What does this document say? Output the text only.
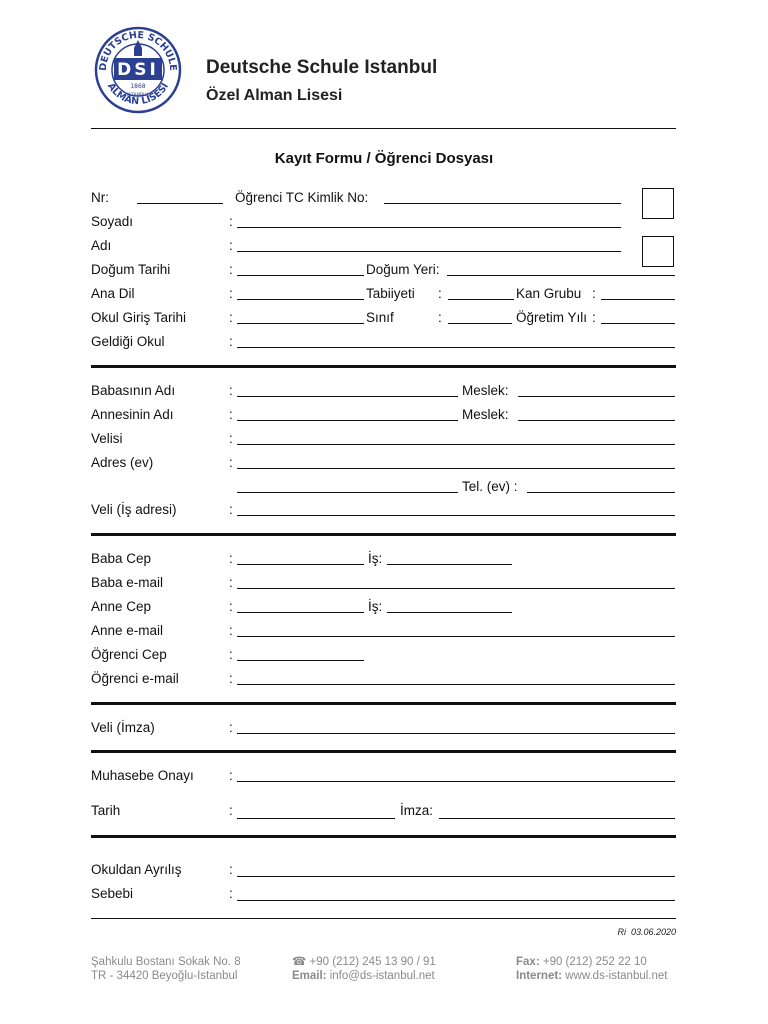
DEUTSCHE SCHULE
ALMAN LISESI
DSI
1868
ISTANBUL
Deutsche Schule Istanbul
Özel Alman Lisesi
Kayıt Formu / Öğrenci Dosyası
Nr:	Öğrenci TC Kimlik No:
Soyadı	:
Adı	:
Doğum Tarihi	:	Doğum Yeri:
Ana Dil	:	Tabiiyeti :	Kan Grubu :
Okul Giriş Tarihi	:	Sınıf	:	Öğretim Yılı :
Geldiği Okul	:
Babasının Adı	:	Meslek:
Annesinin Adı	:	Meslek:
Velisi	:
Adres (ev)	:
Tel. (ev) :
Veli (İş adresi)	:
Baba Cep	:	İş:
Baba e-mail	:
Anne Cep	:	İş:
Anne e-mail	:
Öğrenci Cep	:
Öğrenci e-mail	:
Veli (İmza)	:
Muhasebe Onayı	:
Tarih	:	İmza:
Okuldan Ayrılış	:
Sebebi	:
Ri  03.06.2020
Şahkulu Bostanı Sokak No. 8
TR - 34420 Beyoğlu-Istanbul
☎ +90 (212) 245 13 90 / 91
Email: info@ds-istanbul.net
Fax: +90 (212) 252 22 10
Internet: www.ds-istanbul.net
